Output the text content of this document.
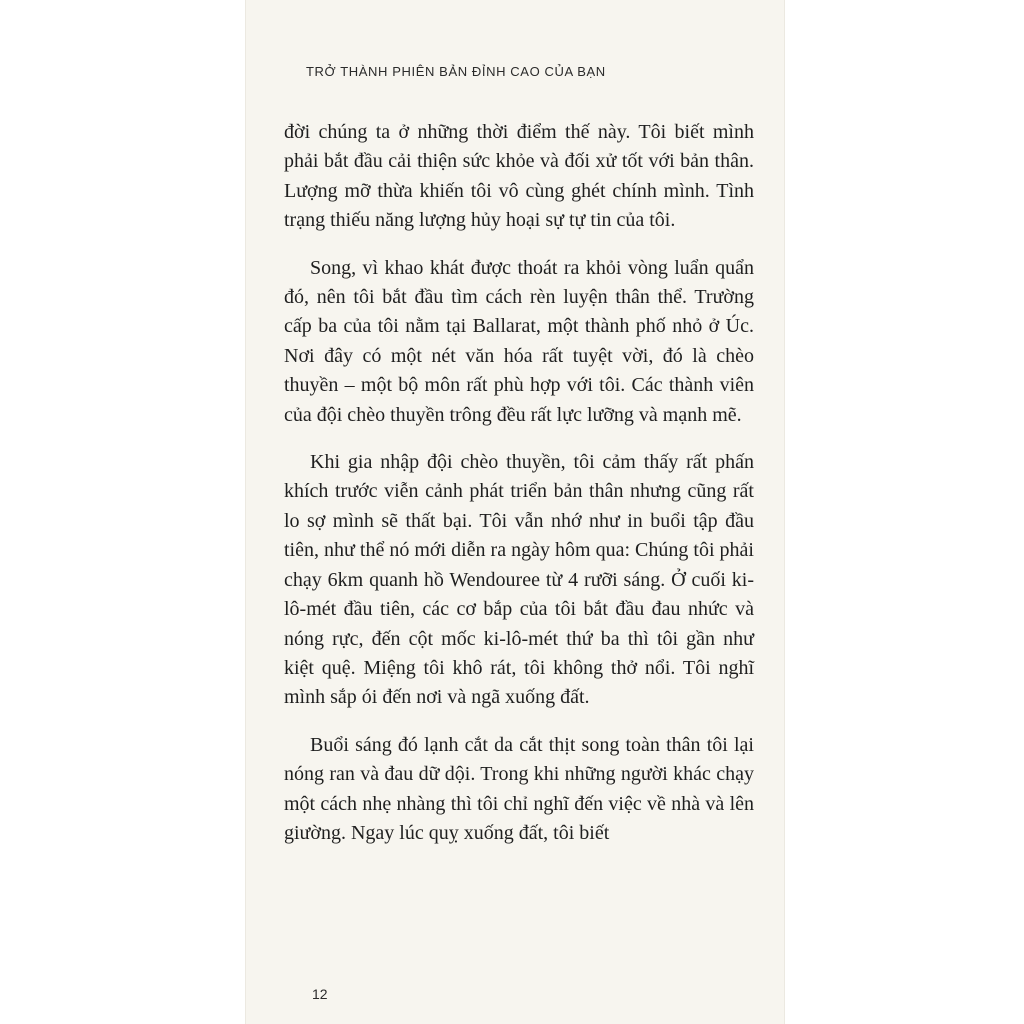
TRỞ THÀNH PHIÊN BẢN ĐỈNH CAO CỦA BẠN

đời chúng ta ở những thời điểm thế này. Tôi biết mình phải bắt đầu cải thiện sức khỏe và đối xử tốt với bản thân. Lượng mỡ thừa khiến tôi vô cùng ghét chính mình. Tình trạng thiếu năng lượng hủy hoại sự tự tin của tôi.

Song, vì khao khát được thoát ra khỏi vòng luẩn quẩn đó, nên tôi bắt đầu tìm cách rèn luyện thân thể. Trường cấp ba của tôi nằm tại Ballarat, một thành phố nhỏ ở Úc. Nơi đây có một nét văn hóa rất tuyệt vời, đó là chèo thuyền – một bộ môn rất phù hợp với tôi. Các thành viên của đội chèo thuyền trông đều rất lực lưỡng và mạnh mẽ.

Khi gia nhập đội chèo thuyền, tôi cảm thấy rất phấn khích trước viễn cảnh phát triển bản thân nhưng cũng rất lo sợ mình sẽ thất bại. Tôi vẫn nhớ như in buổi tập đầu tiên, như thể nó mới diễn ra ngày hôm qua: Chúng tôi phải chạy 6km quanh hồ Wendouree từ 4 rưỡi sáng. Ở cuối ki-lô-mét đầu tiên, các cơ bắp của tôi bắt đầu đau nhức và nóng rực, đến cột mốc ki-lô-mét thứ ba thì tôi gần như kiệt quệ. Miệng tôi khô rát, tôi không thở nổi. Tôi nghĩ mình sắp ói đến nơi và ngã xuống đất.

Buổi sáng đó lạnh cắt da cắt thịt song toàn thân tôi lại nóng ran và đau dữ dội. Trong khi những người khác chạy một cách nhẹ nhàng thì tôi chỉ nghĩ đến việc về nhà và lên giường. Ngay lúc quỵ xuống đất, tôi biết

12
